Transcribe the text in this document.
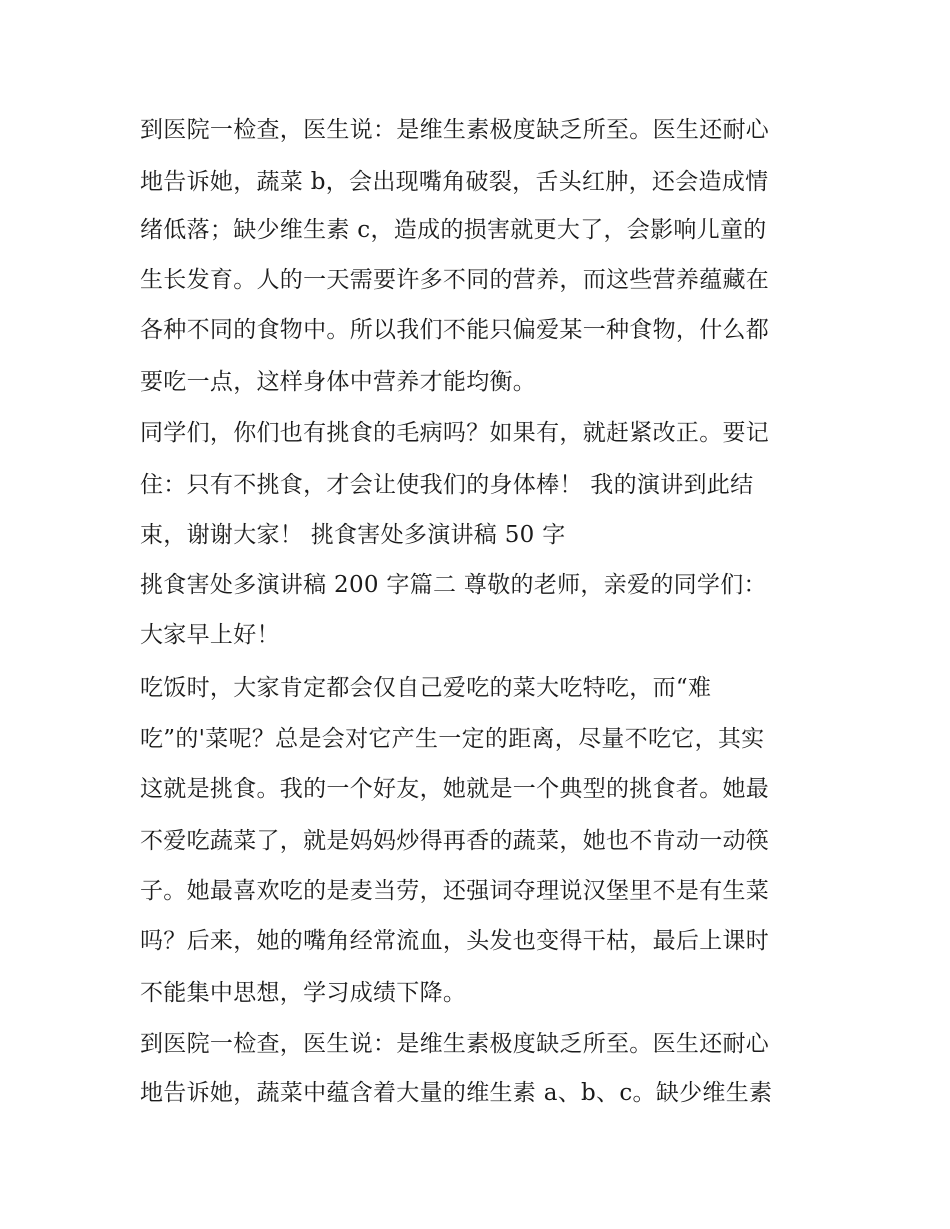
到医院一检查，医生说：是维生素极度缺乏所至。医生还耐心
地告诉她，蔬菜 b，会出现嘴角破裂，舌头红肿，还会造成情
绪低落；缺少维生素 c，造成的损害就更大了，会影响儿童的
生长发育。人的一天需要许多不同的营养，而这些营养蕴藏在
各种不同的食物中。所以我们不能只偏爱某一种食物，什么都
要吃一点，这样身体中营养才能均衡。
同学们，你们也有挑食的毛病吗？如果有，就赶紧改正。要记
住：只有不挑食，才会让使我们的身体棒！ 我的演讲到此结
束，谢谢大家！ 挑食害处多演讲稿 50 字
挑食害处多演讲稿 200 字篇二 尊敬的老师，亲爱的同学们：
大家早上好！
吃饭时，大家肯定都会仅自己爱吃的菜大吃特吃，而“难
吃”的'菜呢？总是会对它产生一定的距离，尽量不吃它，其实
这就是挑食。我的一个好友，她就是一个典型的挑食者。她最
不爱吃蔬菜了，就是妈妈炒得再香的蔬菜，她也不肯动一动筷
子。她最喜欢吃的是麦当劳，还强词夺理说汉堡里不是有生菜
吗？后来，她的嘴角经常流血，头发也变得干枯，最后上课时
不能集中思想，学习成绩下降。
到医院一检查，医生说：是维生素极度缺乏所至。医生还耐心
地告诉她，蔬菜中蕴含着大量的维生素 a、b、c。缺少维生素
